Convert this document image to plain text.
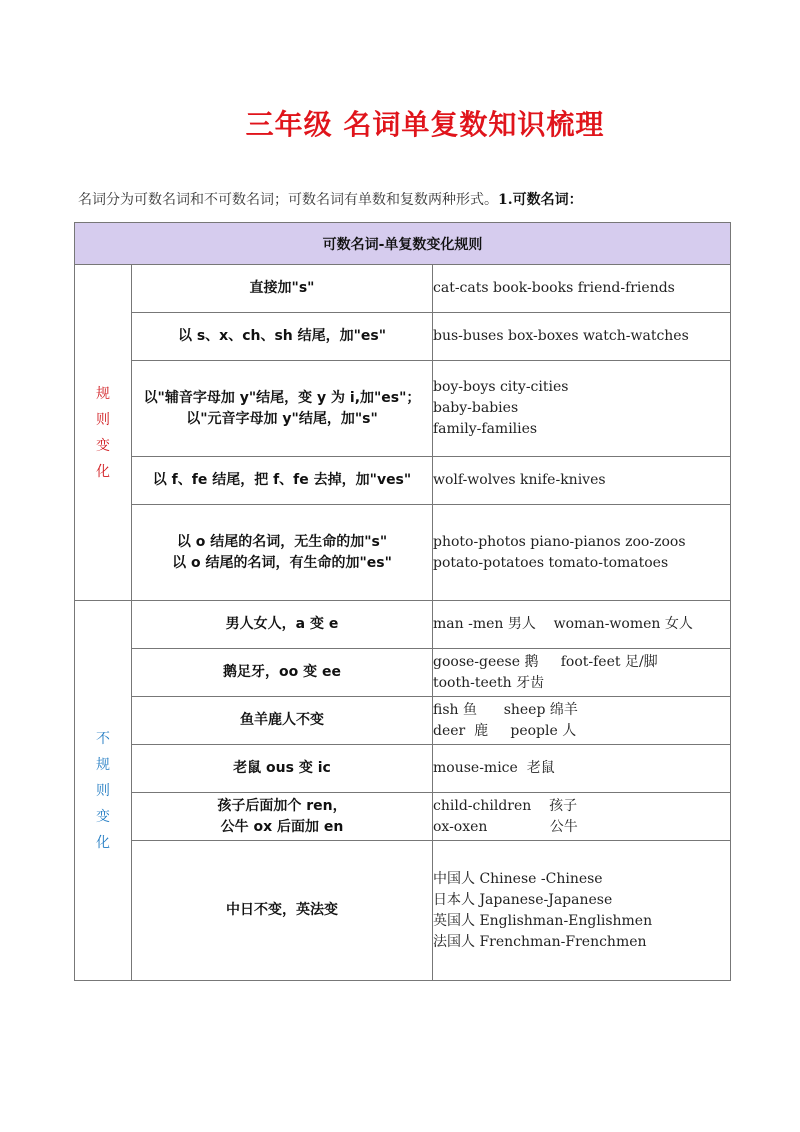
三年级 名词单复数知识梳理
名词分为可数名词和不可数名词；可数名词有单数和复数两种形式。1.可数名词：
可数名词-单复数变化规则		

规
则
变
化	直接加"s"	cat-cats book-books friend-friends

	以 s、x、ch、sh 结尾，加"es"	bus-buses box-boxes watch-watches

	以"辅音字母加 y"结尾，变 y 为 i,加"es"；
以"元音字母加 y"结尾，加"s"	boy-boys city-cities
baby-babies
family-families

	以 f、fe 结尾，把 f、fe 去掉，加"ves"	wolf-wolves knife-knives

	以 o 结尾的名词，无生命的加"s"
以 o 结尾的名词，有生命的加"es"	photo-photos piano-pianos zoo-zoos
potato-potatoes tomato-tomatoes

不
规
则
变
化	男人女人，a 变 e	man -men 男人    woman-women 女人

	鹅足牙，oo 变 ee	goose-geese 鹅     foot-feet 足/脚
tooth-teeth 牙齿

	鱼羊鹿人不变	fish 鱼      sheep 绵羊
deer  鹿     people 人

	老鼠 ous 变 ic	mouse-mice  老鼠

	孩子后面加个 ren，
公牛 ox 后面加 en	child-children    孩子
ox-oxen              公牛

	中日不变，英法变	中国人 Chinese -Chinese
日本人 Japanese-Japanese
英国人 Englishman-Englishmen
法国人 Frenchman-Frenchmen
